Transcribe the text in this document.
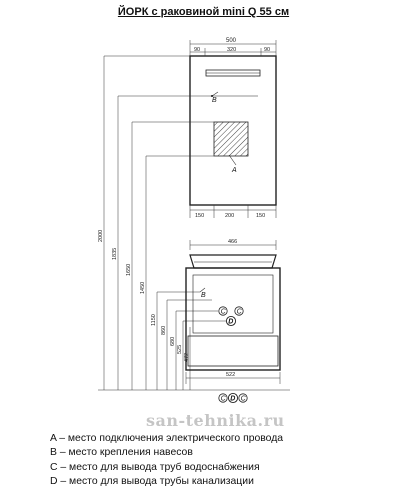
ЙОРК с раковиной mini Q 55 см
500
90	320	90
150	200	150
B
A
2000
1835
1650
1450
1150
860
680
525
472
466
B
C C
D
522
C D C
san-tehnika.ru
A – место подключения электрического провода
B – место крепления навесов
C – место для вывода труб водоснабжения
D – место для вывода трубы канализации
